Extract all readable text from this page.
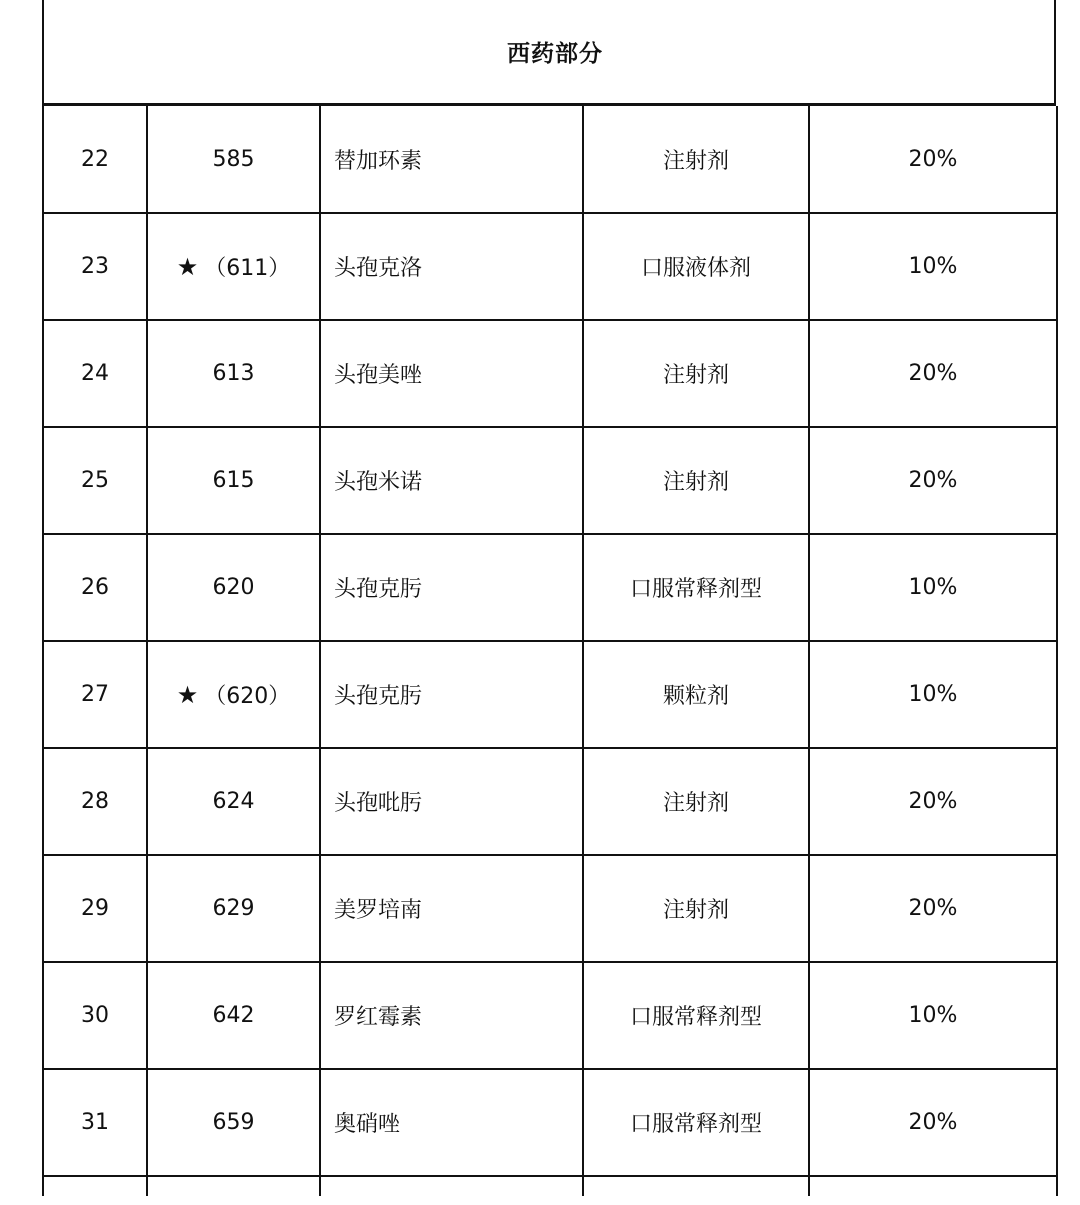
西药部分
22	585	替加环素	注射剂	20%
23	★ （611）	头孢克洛	口服液体剂	10%
24	613	头孢美唑	注射剂	20%
25	615	头孢米诺	注射剂	20%
26	620	头孢克肟	口服常释剂型	10%
27	★ （620）	头孢克肟	颗粒剂	10%
28	624	头孢吡肟	注射剂	20%
29	629	美罗培南	注射剂	20%
30	642	罗红霉素	口服常释剂型	10%
31	659	奥硝唑	口服常释剂型	20%
